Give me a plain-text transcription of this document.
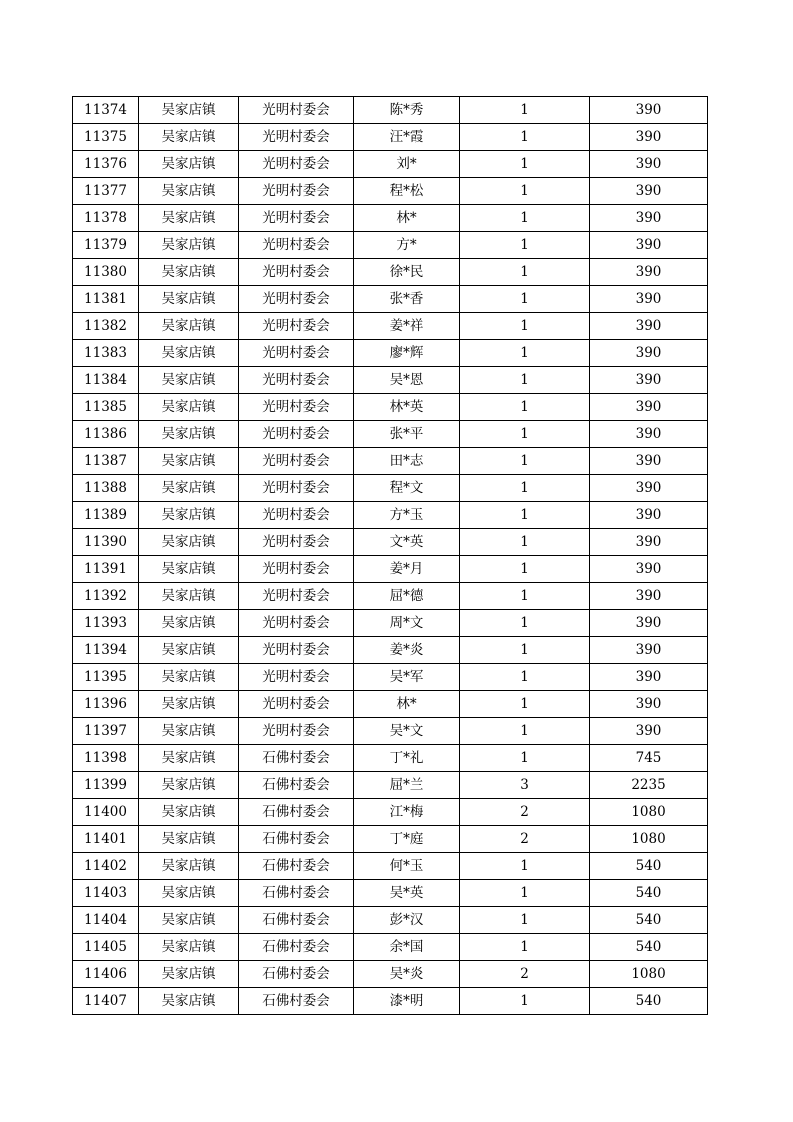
11374	吴家店镇	光明村委会	陈*秀	1	390
11375	吴家店镇	光明村委会	汪*霞	1	390
11376	吴家店镇	光明村委会	刘*	1	390
11377	吴家店镇	光明村委会	程*松	1	390
11378	吴家店镇	光明村委会	林*	1	390
11379	吴家店镇	光明村委会	方*	1	390
11380	吴家店镇	光明村委会	徐*民	1	390
11381	吴家店镇	光明村委会	张*香	1	390
11382	吴家店镇	光明村委会	姜*祥	1	390
11383	吴家店镇	光明村委会	廖*辉	1	390
11384	吴家店镇	光明村委会	吴*恩	1	390
11385	吴家店镇	光明村委会	林*英	1	390
11386	吴家店镇	光明村委会	张*平	1	390
11387	吴家店镇	光明村委会	田*志	1	390
11388	吴家店镇	光明村委会	程*文	1	390
11389	吴家店镇	光明村委会	方*玉	1	390
11390	吴家店镇	光明村委会	文*英	1	390
11391	吴家店镇	光明村委会	姜*月	1	390
11392	吴家店镇	光明村委会	屈*德	1	390
11393	吴家店镇	光明村委会	周*文	1	390
11394	吴家店镇	光明村委会	姜*炎	1	390
11395	吴家店镇	光明村委会	吴*军	1	390
11396	吴家店镇	光明村委会	林*	1	390
11397	吴家店镇	光明村委会	吴*文	1	390
11398	吴家店镇	石佛村委会	丁*礼	1	745
11399	吴家店镇	石佛村委会	屈*兰	3	2235
11400	吴家店镇	石佛村委会	江*梅	2	1080
11401	吴家店镇	石佛村委会	丁*庭	2	1080
11402	吴家店镇	石佛村委会	何*玉	1	540
11403	吴家店镇	石佛村委会	吴*英	1	540
11404	吴家店镇	石佛村委会	彭*汉	1	540
11405	吴家店镇	石佛村委会	余*国	1	540
11406	吴家店镇	石佛村委会	吴*炎	2	1080
11407	吴家店镇	石佛村委会	漆*明	1	540
